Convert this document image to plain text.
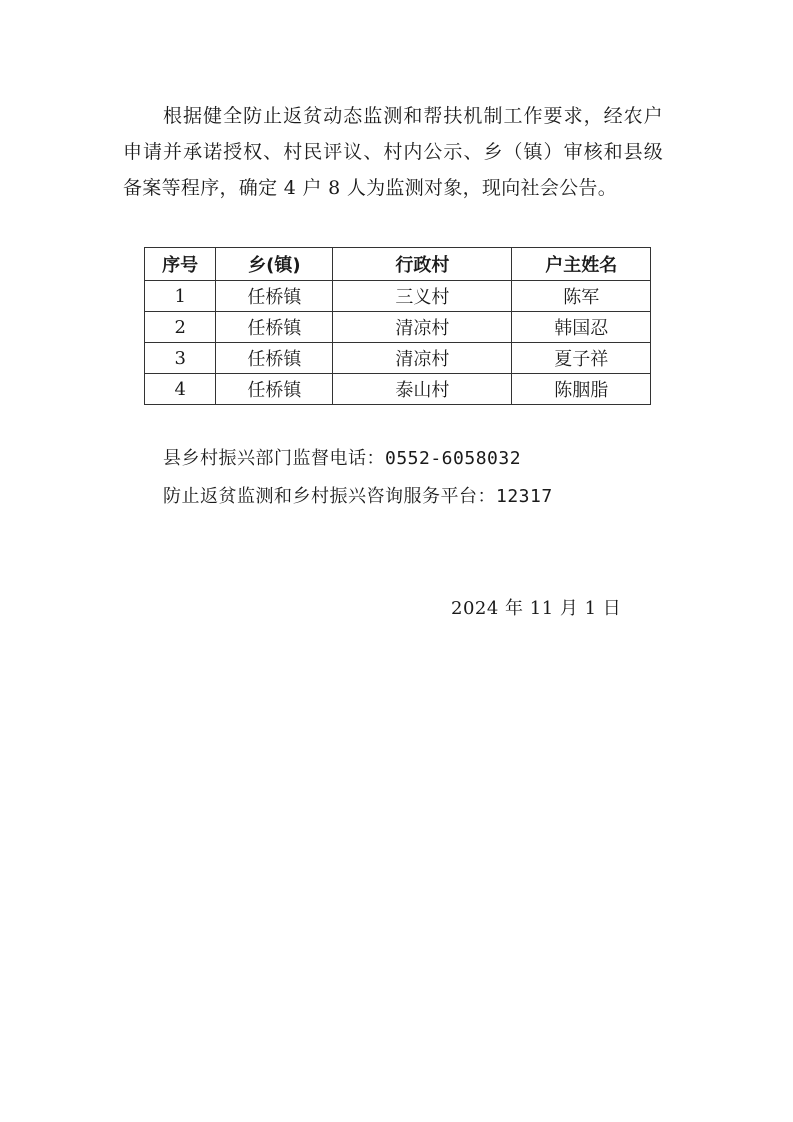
根据健全防止返贫动态监测和帮扶机制工作要求，经农户申请并承诺授权、村民评议、村内公示、乡（镇）审核和县级备案等程序，确定 4 户 8 人为监测对象，现向社会公告。

序号	乡(镇)	行政村	户主姓名
1	任桥镇	三义村	陈军
2	任桥镇	清凉村	韩国忍
3	任桥镇	清凉村	夏子祥
4	任桥镇	泰山村	陈胭脂

县乡村振兴部门监督电话：0552-6058032

防止返贫监测和乡村振兴咨询服务平台：12317

2024 年 11 月 1 日
